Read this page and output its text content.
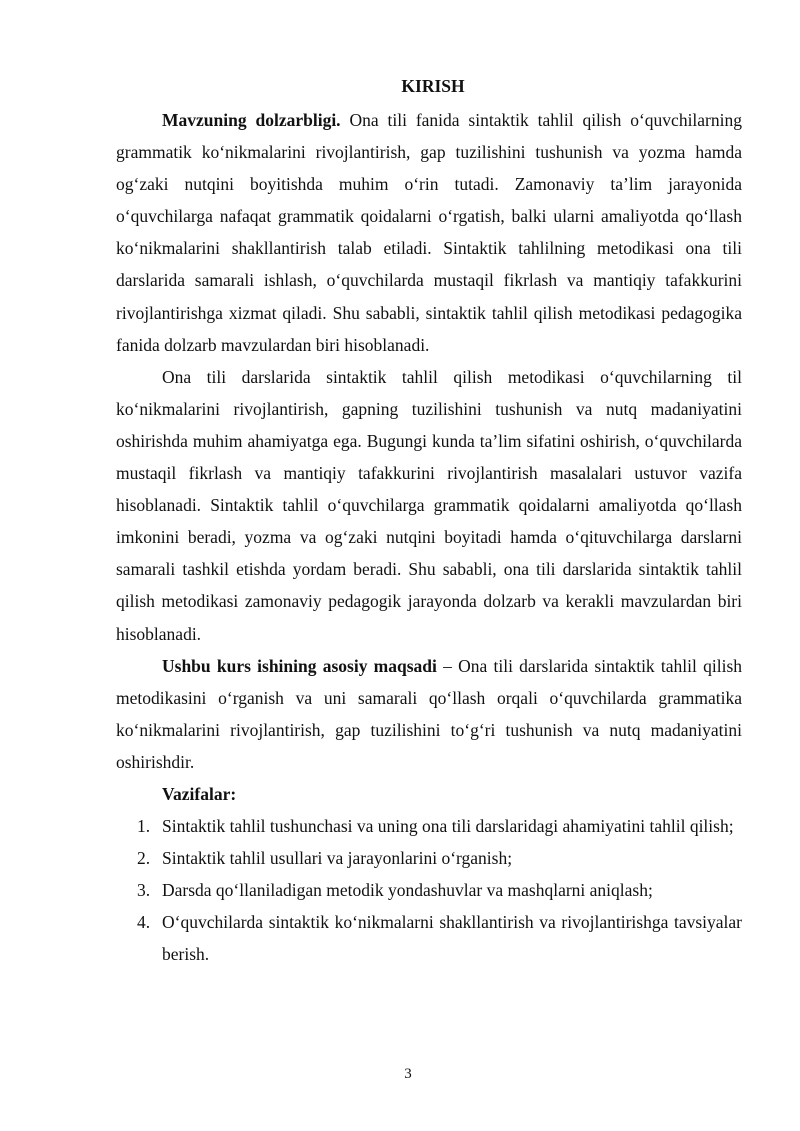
KIRISH

Mavzuning dolzarbligi. Ona tili fanida sintaktik tahlil qilish o‘quvchilarning grammatik ko‘nikmalarini rivojlantirish, gap tuzilishini tushunish va yozma hamda og‘zaki nutqini boyitishda muhim o‘rin tutadi. Zamonaviy ta’lim jarayonida o‘quvchilarga nafaqat grammatik qoidalarni o‘rgatish, balki ularni amaliyotda qo‘llash ko‘nikmalarini shakllantirish talab etiladi. Sintaktik tahlilning metodikasi ona tili darslarida samarali ishlash, o‘quvchilarda mustaqil fikrlash va mantiqiy tafakkurini rivojlantirishga xizmat qiladi. Shu sababli, sintaktik tahlil qilish metodikasi pedagogika fanida dolzarb mavzulardan biri hisoblanadi.

Ona tili darslarida sintaktik tahlil qilish metodikasi o‘quvchilarning til ko‘nikmalarini rivojlantirish, gapning tuzilishini tushunish va nutq madaniyatini oshirishda muhim ahamiyatga ega. Bugungi kunda ta’lim sifatini oshirish, o‘quvchilarda mustaqil fikrlash va mantiqiy tafakkurini rivojlantirish masalalari ustuvor vazifa hisoblanadi. Sintaktik tahlil o‘quvchilarga grammatik qoidalarni amaliyotda qo‘llash imkonini beradi, yozma va og‘zaki nutqini boyitadi hamda o‘qituvchilarga darslarni samarali tashkil etishda yordam beradi. Shu sababli, ona tili darslarida sintaktik tahlil qilish metodikasi zamonaviy pedagogik jarayonda dolzarb va kerakli mavzulardan biri hisoblanadi.

Ushbu kurs ishining asosiy maqsadi – Ona tili darslarida sintaktik tahlil qilish metodikasini o‘rganish va uni samarali qo‘llash orqali o‘quvchilarda grammatika ko‘nikmalarini rivojlantirish, gap tuzilishini to‘g‘ri tushunish va nutq madaniyatini oshirishdir.

Vazifalar:
1. Sintaktik tahlil tushunchasi va uning ona tili darslaridagi ahamiyatini tahlil qilish;
2. Sintaktik tahlil usullari va jarayonlarini o‘rganish;
3. Darsda qo‘llaniladigan metodik yondashuvlar va mashqlarni aniqlash;
4. O‘quvchilarda sintaktik ko‘nikmalarni shakllantirish va rivojlantirishga tavsiyalar berish.
3
